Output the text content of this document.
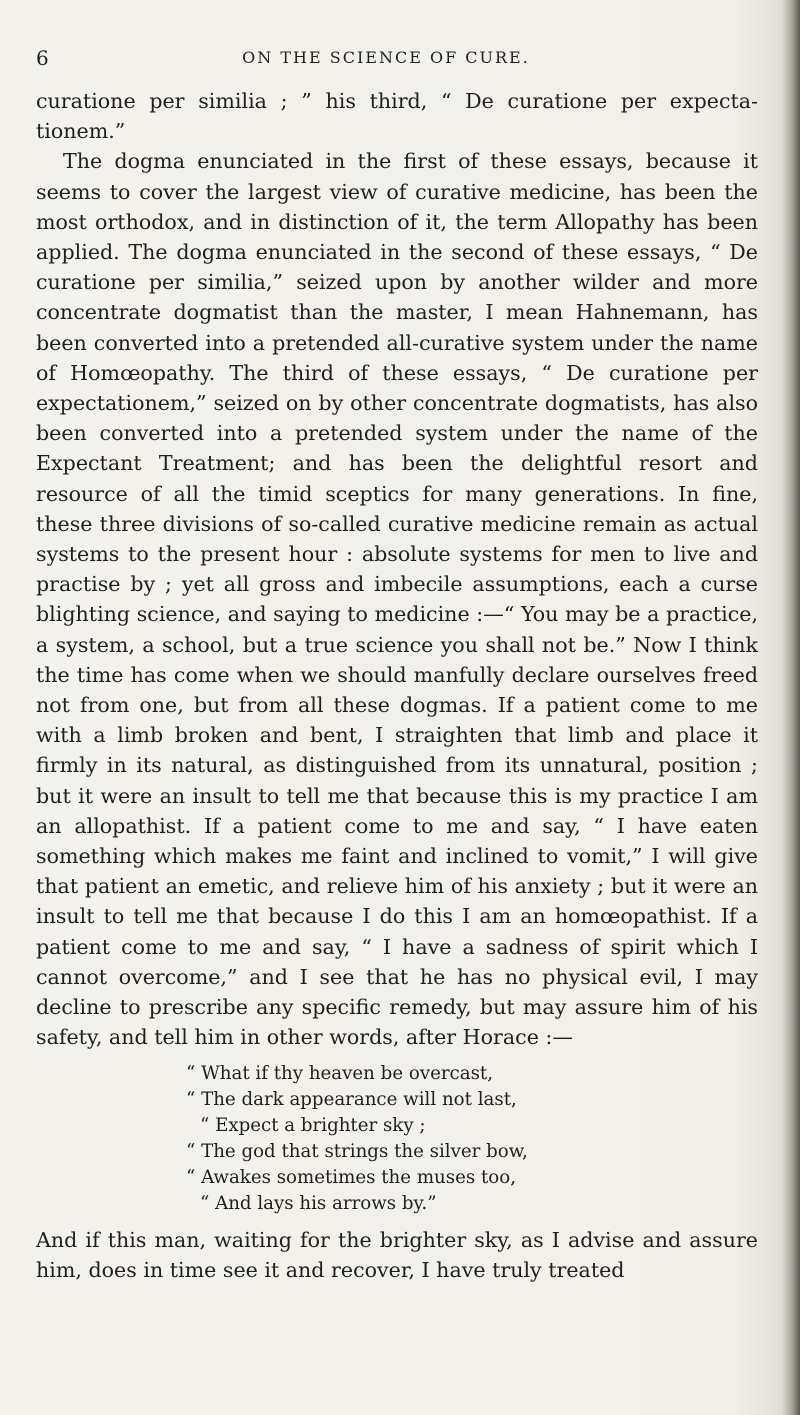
6	ON THE SCIENCE OF CURE.

curatione per similia ; ” his third, “ De curatione per expecta- tionem.”

The dogma enunciated in the first of these essays, because it seems to cover the largest view of curative medicine, has been the most orthodox, and in distinction of it, the term Allopathy has been applied. The dogma enunciated in the second of these essays, “ De curatione per similia,” seized upon by another wilder and more concentrate dogmatist than the master, I mean Hahnemann, has been converted into a pretended all-curative system under the name of Homœopathy. The third of these essays, “ De curatione per expectationem,” seized on by other concentrate dogmatists, has also been converted into a pretended system under the name of the Expectant Treatment; and has been the delightful resort and resource of all the timid sceptics for many generations. In fine, these three divisions of so-called curative medicine remain as actual systems to the present hour : absolute systems for men to live and practise by ; yet all gross and imbecile assumptions, each a curse blighting science, and saying to medicine :—“ You may be a practice, a system, a school, but a true science you shall not be.” Now I think the time has come when we should manfully declare ourselves freed not from one, but from all these dogmas. If a patient come to me with a limb broken and bent, I straighten that limb and place it firmly in its natural, as distinguished from its unnatural, position ; but it were an insult to tell me that because this is my practice I am an allopathist. If a patient come to me and say, “ I have eaten something which makes me faint and inclined to vomit,” I will give that patient an emetic, and relieve him of his anxiety ; but it were an insult to tell me that because I do this I am an homœopathist. If a patient come to me and say, “ I have a sadness of spirit which I cannot overcome,” and I see that he has no physical evil, I may decline to prescribe any specific remedy, but may assure him of his safety, and tell him in other words, after Horace :—

“ What if thy heaven be overcast,
“ The dark appearance will not last,
“ Expect a brighter sky ;
“ The god that strings the silver bow,
“ Awakes sometimes the muses too,
“ And lays his arrows by.”

And if this man, waiting for the brighter sky, as I advise and assure him, does in time see it and recover, I have truly treated
